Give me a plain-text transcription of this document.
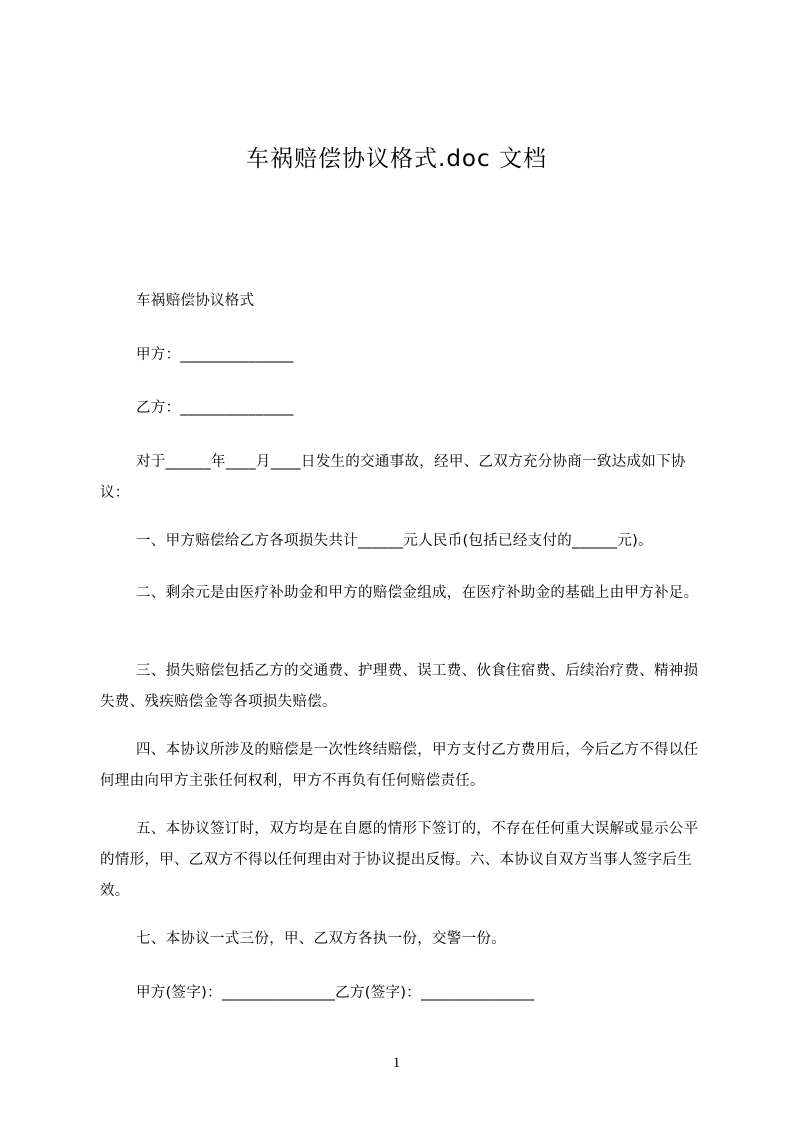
车祸赔偿协议格式.doc 文档
车祸赔偿协议格式
甲方：_______________
乙方：_______________
对于______年____月____日发生的交通事故，经甲、乙双方充分协商一致达成如下协议：
一、甲方赔偿给乙方各项损失共计______元人民币(包括已经支付的______元)。
二、剩余元是由医疗补助金和甲方的赔偿金组成，在医疗补助金的基础上由甲方补足。
三、损失赔偿包括乙方的交通费、护理费、误工费、伙食住宿费、后续治疗费、精神损失费、残疾赔偿金等各项损失赔偿。
四、本协议所涉及的赔偿是一次性终结赔偿，甲方支付乙方费用后，今后乙方不得以任何理由向甲方主张任何权利，甲方不再负有任何赔偿责任。
五、本协议签订时，双方均是在自愿的情形下签订的，不存在任何重大误解或显示公平的情形，甲、乙双方不得以任何理由对于协议提出反悔。六、本协议自双方当事人签字后生效。
七、本协议一式三份，甲、乙双方各执一份，交警一份。
甲方(签字)：_______________乙方(签字)：_______________
1
